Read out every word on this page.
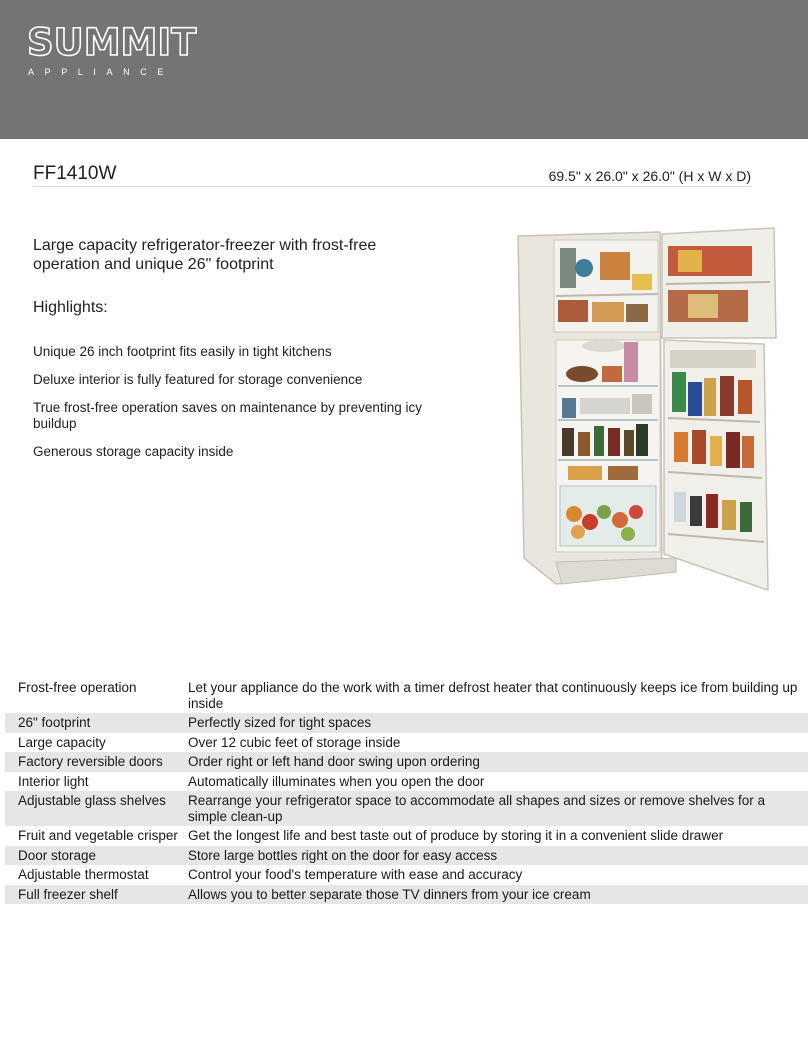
SUMMIT
APPLIANCE
FF1410W	69.5" x 26.0" x 26.0" (H x W x D)
Large capacity refrigerator-freezer with frost-free operation and unique 26" footprint
Highlights:
Unique 26 inch footprint fits easily in tight kitchens
Deluxe interior is fully featured for storage convenience
True frost-free operation saves on maintenance by preventing icy buildup
Generous storage capacity inside
Frost-free operation	Let your appliance do the work with a timer defrost heater that continuously keeps ice from building up inside
26" footprint	Perfectly sized for tight spaces
Large capacity	Over 12 cubic feet of storage inside
Factory reversible doors	Order right or left hand door swing upon ordering
Interior light	Automatically illuminates when you open the door
Adjustable glass shelves	Rearrange your refrigerator space to accommodate all shapes and sizes or remove shelves for a simple clean-up
Fruit and vegetable crisper	Get the longest life and best taste out of produce by storing it in a convenient slide drawer
Door storage	Store large bottles right on the door for easy access
Adjustable thermostat	Control your food's temperature with ease and accuracy
Full freezer shelf	Allows you to better separate those TV dinners from your ice cream
